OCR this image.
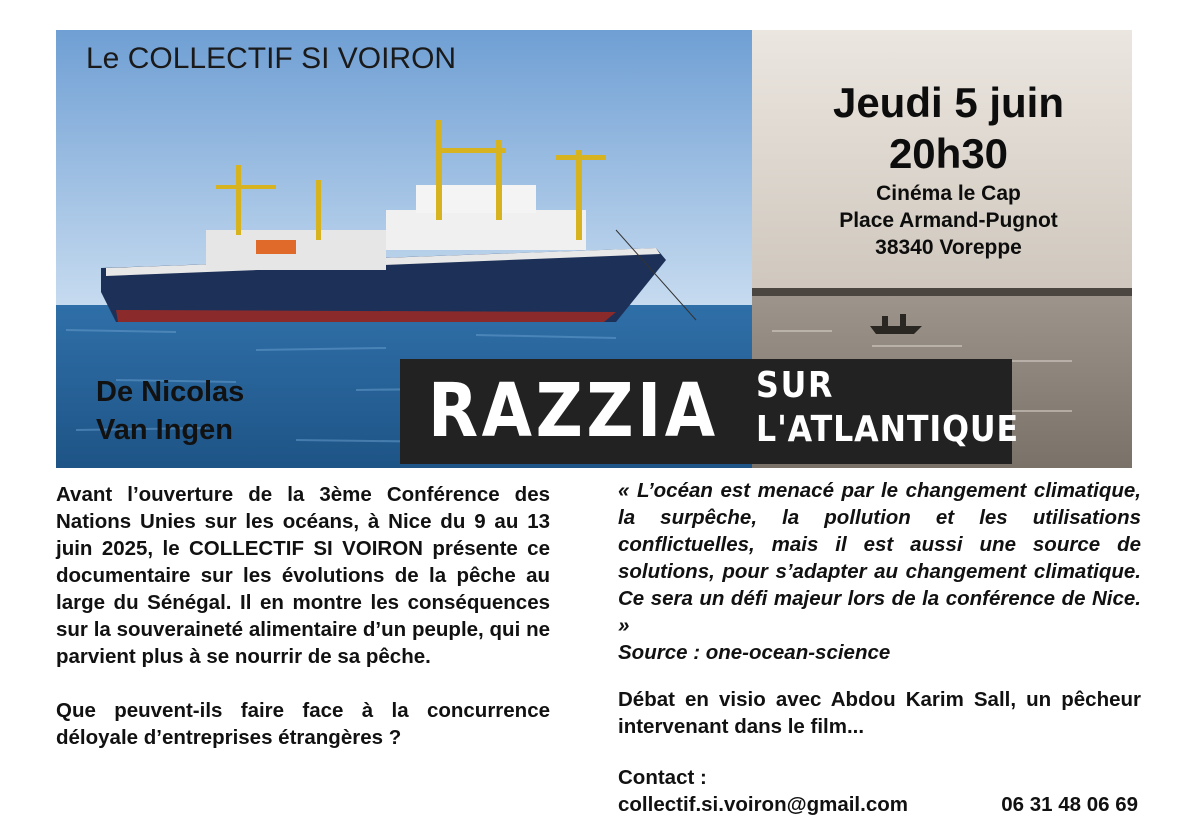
Le COLLECTIF SI VOIRON
Jeudi 5 juin
20h30
Cinéma le Cap
Place Armand-Pugnot
38340 Voreppe
De Nicolas
Van Ingen	RAZZIA SUR
L'ATLANTIQUE

Avant l’ouverture de la 3ème Conférence des Nations Unies sur les océans, à Nice du 9 au 13 juin 2025, le COLLECTIF SI VOIRON présente ce documentaire sur les évolutions de la pêche au large du Sénégal. Il en montre les conséquences sur la souveraineté alimentaire d’un peuple, qui ne parvient plus à se nourrir de sa pêche.

Que peuvent-ils faire face à la concurrence déloyale d’entreprises étrangères ?

« L’océan est menacé par le changement climatique, la surpêche, la pollution et les utilisations conflictuelles, mais il est aussi une source de solutions, pour s’adapter au changement climatique. Ce sera un défi majeur lors de la conférence de Nice. »

Source : one-ocean-science

Débat en visio avec Abdou Karim Sall, un pêcheur intervenant dans le film...

Contact :

collectif.si.voiron@gmail.com	06 31 48 06 69
